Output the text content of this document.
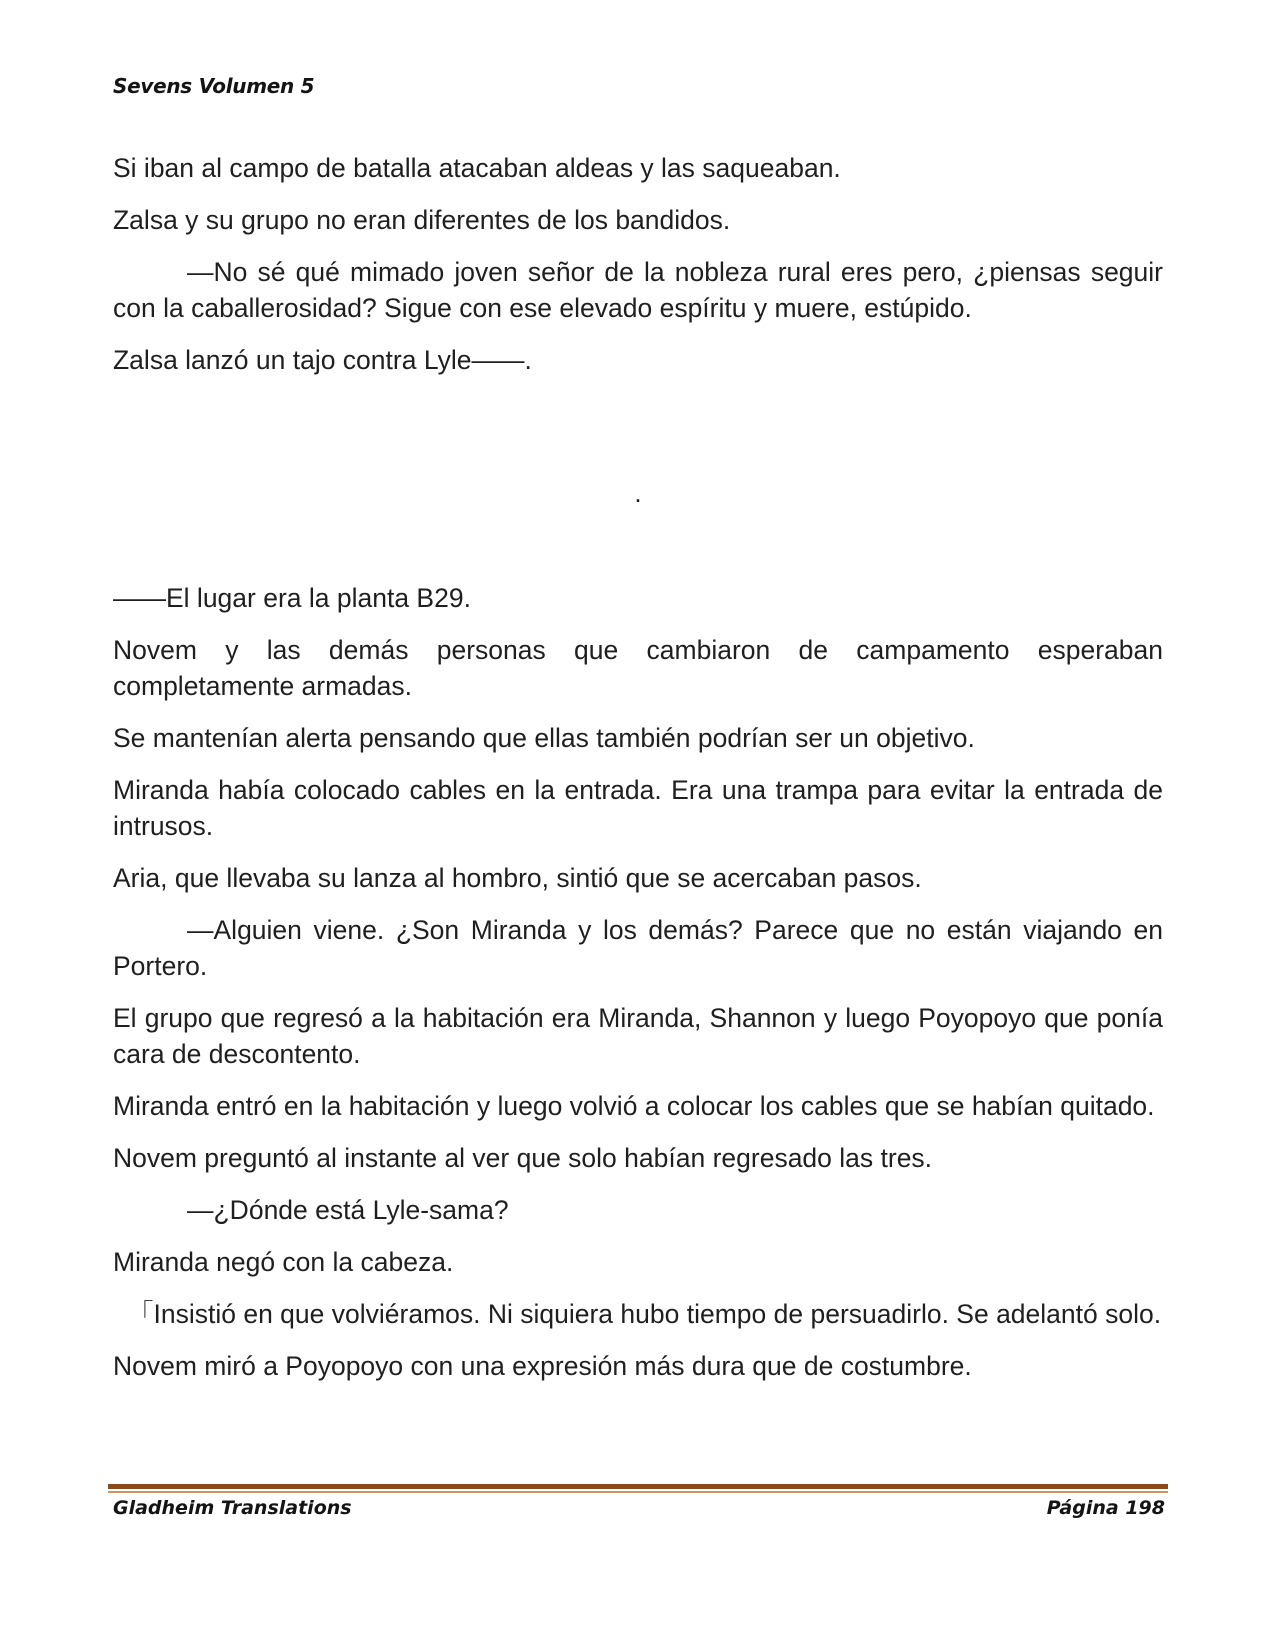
Sevens Volumen 5

Si iban al campo de batalla atacaban aldeas y las saqueaban.

Zalsa y su grupo no eran diferentes de los bandidos.

—No sé qué mimado joven señor de la nobleza rural eres pero, ¿piensas seguir con la caballerosidad? Sigue con ese elevado espíritu y muere, estúpido.

Zalsa lanzó un tajo contra Lyle——.

.

——El lugar era la planta B29.

Novem y las demás personas que cambiaron de campamento esperaban completamente armadas.

Se mantenían alerta pensando que ellas también podrían ser un objetivo.

Miranda había colocado cables en la entrada. Era una trampa para evitar la entrada de intrusos.

Aria, que llevaba su lanza al hombro, sintió que se acercaban pasos.

—Alguien viene. ¿Son Miranda y los demás? Parece que no están viajando en Portero.

El grupo que regresó a la habitación era Miranda, Shannon y luego Poyopoyo que ponía cara de descontento.

Miranda entró en la habitación y luego volvió a colocar los cables que se habían quitado.

Novem preguntó al instante al ver que solo habían regresado las tres.

—¿Dónde está Lyle-sama?

Miranda negó con la cabeza.

「Insistió en que volviéramos. Ni siquiera hubo tiempo de persuadirlo. Se adelantó solo.

Novem miró a Poyopoyo con una expresión más dura que de costumbre.

Gladheim Translations	Página 198
